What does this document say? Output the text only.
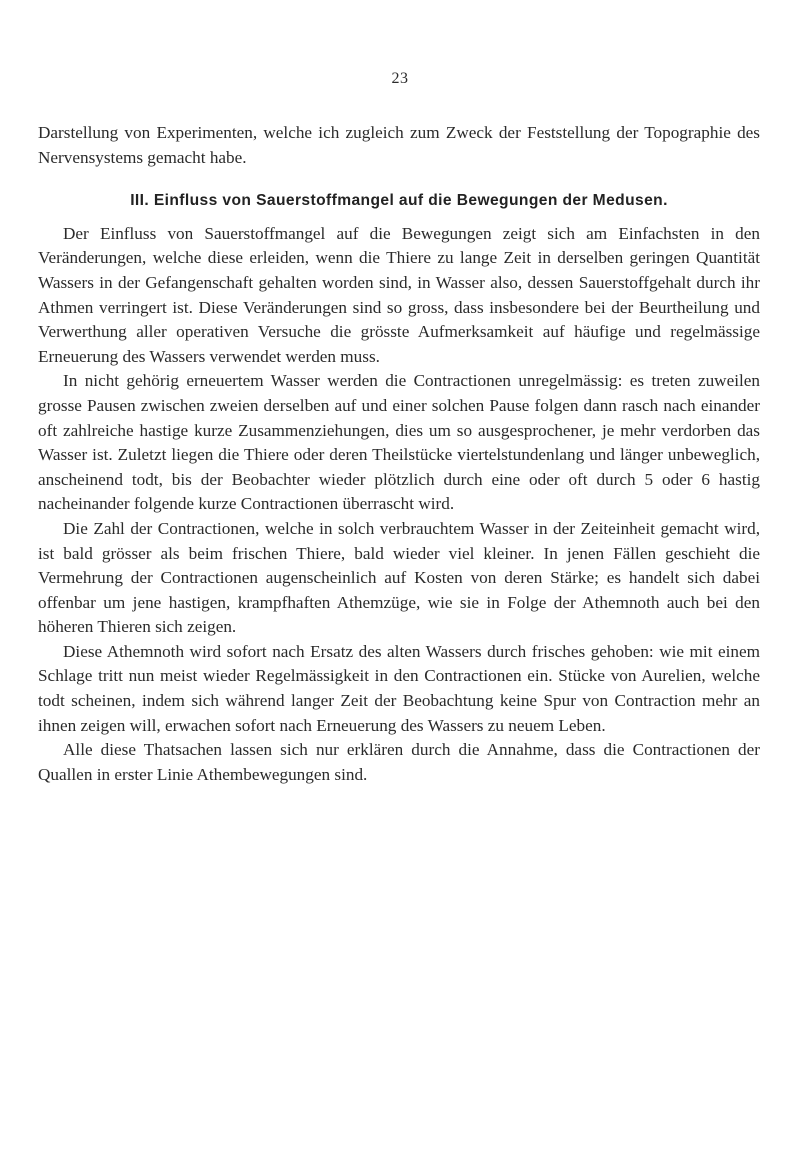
23

Darstellung von Experimenten, welche ich zugleich zum Zweck der Feststellung der Topographie des Nervensystems gemacht habe.

III. Einfluss von Sauerstoffmangel auf die Bewegungen der Medusen.

Der Einfluss von Sauerstoffmangel auf die Bewegungen zeigt sich am Einfachsten in den Veränderungen, welche diese erleiden, wenn die Thiere zu lange Zeit in derselben geringen Quantität Wassers in der Gefangenschaft gehalten worden sind, in Wasser also, dessen Sauerstoffgehalt durch ihr Athmen verringert ist. Diese Veränderungen sind so gross, dass insbesondere bei der Beurtheilung und Verwerthung aller operativen Versuche die grösste Aufmerksamkeit auf häufige und regelmässige Erneuerung des Wassers verwendet werden muss.

In nicht gehörig erneuertem Wasser werden die Contractionen unregelmässig: es treten zuweilen grosse Pausen zwischen zweien derselben auf und einer solchen Pause folgen dann rasch nach einander oft zahlreiche hastige kurze Zusammenziehungen, dies um so ausgesprochener, je mehr verdorben das Wasser ist. Zuletzt liegen die Thiere oder deren Theilstücke viertelstundenlang und länger unbeweglich, anscheinend todt, bis der Beobachter wieder plötzlich durch eine oder oft durch 5 oder 6 hastig nacheinander folgende kurze Contractionen überrascht wird.

Die Zahl der Contractionen, welche in solch verbrauchtem Wasser in der Zeiteinheit gemacht wird, ist bald grösser als beim frischen Thiere, bald wieder viel kleiner. In jenen Fällen geschieht die Vermehrung der Contractionen augenscheinlich auf Kosten von deren Stärke; es handelt sich dabei offenbar um jene hastigen, krampfhaften Athemzüge, wie sie in Folge der Athemnoth auch bei den höheren Thieren sich zeigen.

Diese Athemnoth wird sofort nach Ersatz des alten Wassers durch frisches gehoben: wie mit einem Schlage tritt nun meist wieder Regelmässigkeit in den Contractionen ein. Stücke von Aurelien, welche todt scheinen, indem sich während langer Zeit der Beobachtung keine Spur von Contraction mehr an ihnen zeigen will, erwachen sofort nach Erneuerung des Wassers zu neuem Leben.

Alle diese Thatsachen lassen sich nur erklären durch die Annahme, dass die Contractionen der Quallen in erster Linie Athembewegungen sind.
